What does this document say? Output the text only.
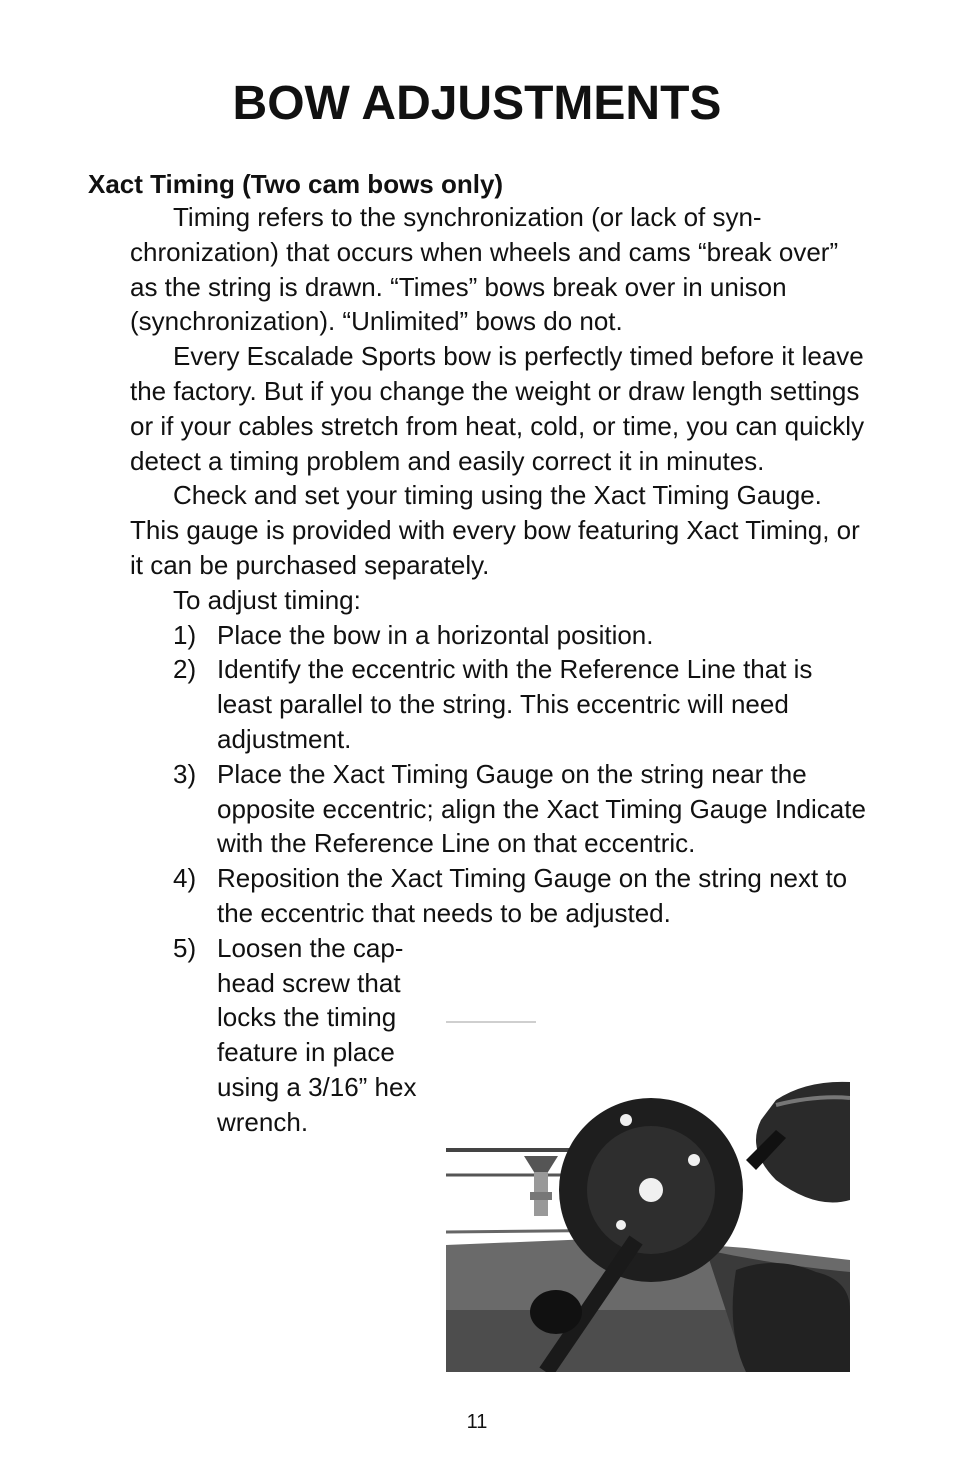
BOW ADJUSTMENTS
Xact Timing (Two cam bows only)

Timing refers to the synchronization (or lack of syn- chronization) that occurs when wheels and cams “break over” as the string is drawn. “Times” bows break over in unison (synchronization). “Unlimited” bows do not.

Every Escalade Sports bow is perfectly timed before it leave the factory. But if you change the weight or draw length settings or if your cables stretch from heat, cold, or time, you can quickly detect a timing problem and easily correct it in minutes.

Check and set your timing using the Xact Timing Gauge. This gauge is provided with every bow featuring Xact Timing, or it can be purchased separately.

To adjust timing:
1) Place the bow in a horizontal position.
2) Identify the eccentric with the Reference Line that is least parallel to the string. This eccentric will need adjustment.
3) Place the Xact Timing Gauge on the string near the opposite eccentric; align the Xact Timing Gauge Indicate with the Reference Line on that eccentric.
4) Reposition the Xact Timing Gauge on the string next to the eccentric that needs to be adjusted.
5) Loosen the cap- head screw that locks the timing feature in place using a 3/16” hex wrench.
11
